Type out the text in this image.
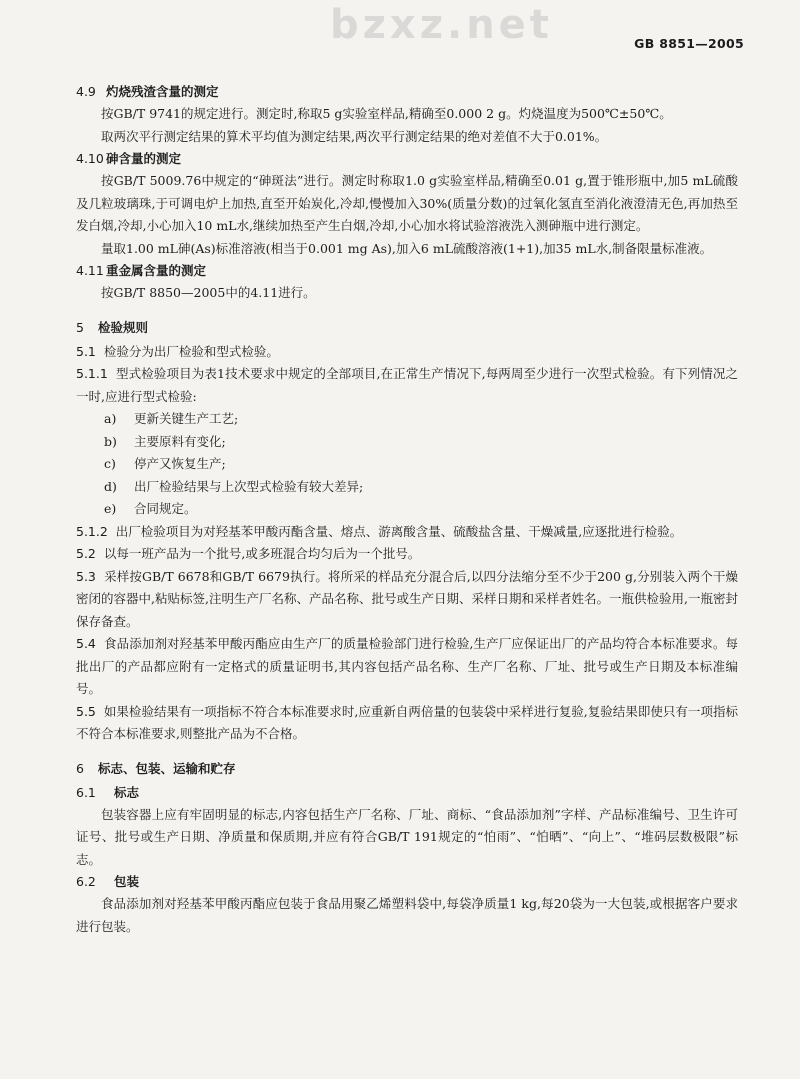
bzxz.net	GB 8851—2005

4.9 灼烧残渣含量的测定

按GB/T 9741的规定进行。测定时,称取5 g实验室样品,精确至0.000 2 g。灼烧温度为500℃±50℃。

取两次平行测定结果的算术平均值为测定结果,两次平行测定结果的绝对差值不大于0.01%。

4.10 砷含量的测定

按GB/T 5009.76中规定的“砷斑法”进行。测定时称取1.0 g实验室样品,精确至0.01 g,置于锥形瓶中,加5 mL硫酸及几粒玻璃珠,于可调电炉上加热,直至开始炭化,冷却,慢慢加入30%(质量分数)的过氧化氢直至消化液澄清无色,再加热至发白烟,冷却,小心加入10 mL水,继续加热至产生白烟,冷却,小心加水将试验溶液洗入测砷瓶中进行测定。

量取1.00 mL砷(As)标准溶液(相当于0.001 mg As),加入6 mL硫酸溶液(1+1),加35 mL水,制备限量标准液。

4.11 重金属含量的测定

按GB/T 8850—2005中的4.11进行。

5 检验规则

5.1 检验分为出厂检验和型式检验。

5.1.1 型式检验项目为表1技术要求中规定的全部项目,在正常生产情况下,每两周至少进行一次型式检验。有下列情况之一时,应进行型式检验:

a) 更新关键生产工艺;

b) 主要原料有变化;

c) 停产又恢复生产;

d) 出厂检验结果与上次型式检验有较大差异;

e) 合同规定。

5.1.2 出厂检验项目为对羟基苯甲酸丙酯含量、熔点、游离酸含量、硫酸盐含量、干燥减量,应逐批进行检验。

5.2 以每一班产品为一个批号,或多班混合均匀后为一个批号。

5.3 采样按GB/T 6678和GB/T 6679执行。将所采的样品充分混合后,以四分法缩分至不少于200 g,分别装入两个干燥密闭的容器中,粘贴标签,注明生产厂名称、产品名称、批号或生产日期、采样日期和采样者姓名。一瓶供检验用,一瓶密封保存备查。

5.4 食品添加剂对羟基苯甲酸丙酯应由生产厂的质量检验部门进行检验,生产厂应保证出厂的产品均符合本标准要求。每批出厂的产品都应附有一定格式的质量证明书,其内容包括产品名称、生产厂名称、厂址、批号或生产日期及本标准编号。

5.5 如果检验结果有一项指标不符合本标准要求时,应重新自两倍量的包装袋中采样进行复验,复验结果即使只有一项指标不符合本标准要求,则整批产品为不合格。

6 标志、包装、运输和贮存

6.1 标志

包装容器上应有牢固明显的标志,内容包括生产厂名称、厂址、商标、“食品添加剂”字样、产品标准编号、卫生许可证号、批号或生产日期、净质量和保质期,并应有符合GB/T 191规定的“怕雨”、“怕晒”、“向上”、“堆码层数极限”标志。

6.2 包装

食品添加剂对羟基苯甲酸丙酯应包装于食品用聚乙烯塑料袋中,每袋净质量1 kg,每20袋为一大包装,或根据客户要求进行包装。
